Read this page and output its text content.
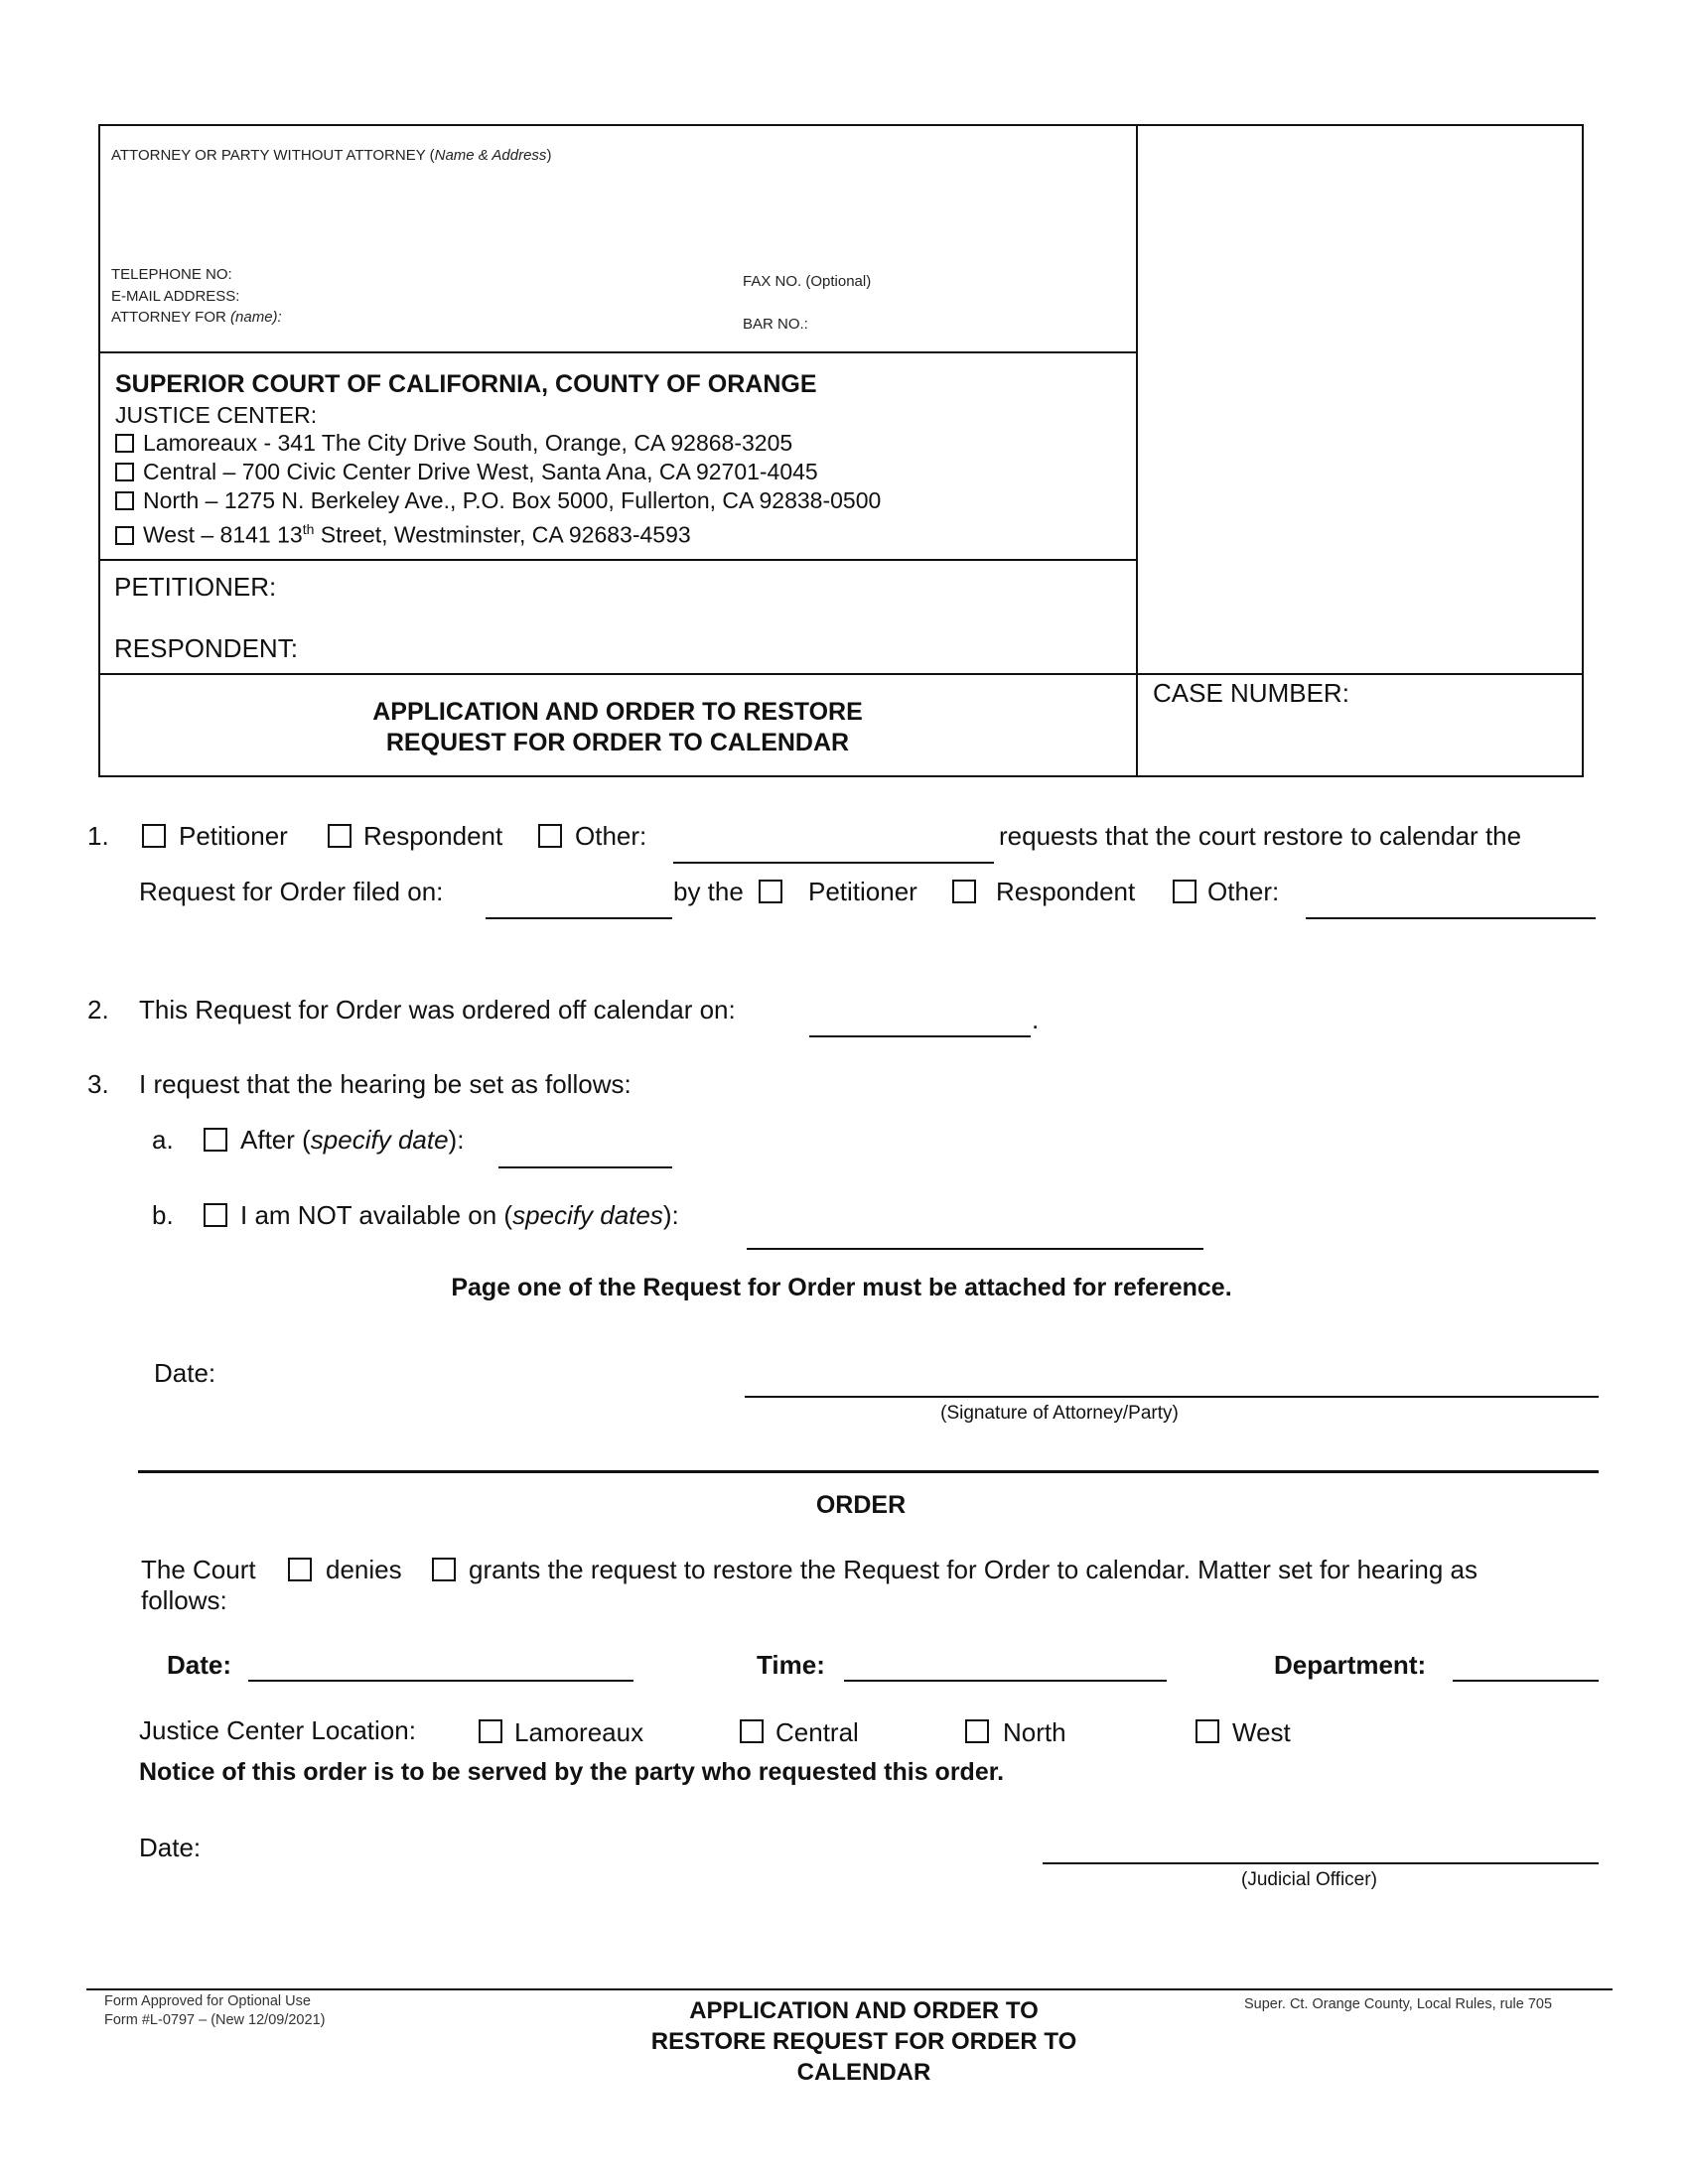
ATTORNEY OR PARTY WITHOUT ATTORNEY (Name & Address)
TELEPHONE NO:
E-MAIL ADDRESS:
ATTORNEY FOR (name):
FAX NO. (Optional)
BAR NO.:
SUPERIOR COURT OF CALIFORNIA, COUNTY OF ORANGE
JUSTICE CENTER:
Lamoreaux - 341 The City Drive South, Orange, CA 92868-3205
Central – 700 Civic Center Drive West, Santa Ana, CA 92701-4045
North – 1275 N. Berkeley Ave., P.O. Box 5000, Fullerton, CA 92838-0500
West – 8141 13th Street, Westminster, CA 92683-4593
PETITIONER:
RESPONDENT:
APPLICATION AND ORDER TO RESTORE
REQUEST FOR ORDER TO CALENDAR
CASE NUMBER:
1.	Petitioner	Respondent	Other:	requests that the court restore to calendar the
Request for Order filed on:	by the	Petitioner	Respondent	Other:
2. This Request for Order was ordered off calendar on:	.
3. I request that the hearing be set as follows:
a.	After (specify date):
b.	I am NOT available on (specify dates):
Page one of the Request for Order must be attached for reference.
Date:
(Signature of Attorney/Party)
ORDER
The Court	denies	grants the request to restore the Request for Order to calendar. Matter set for hearing as
follows:
Date:	Time:	Department:
Justice Center Location:	Lamoreaux	Central	North	West
Notice of this order is to be served by the party who requested this order.
Date:
(Judicial Officer)
Form Approved for Optional Use
Form #L-0797 – (New 12/09/2021)	APPLICATION AND ORDER TO
RESTORE REQUEST FOR ORDER TO
CALENDAR
Super. Ct. Orange County, Local Rules, rule 705
